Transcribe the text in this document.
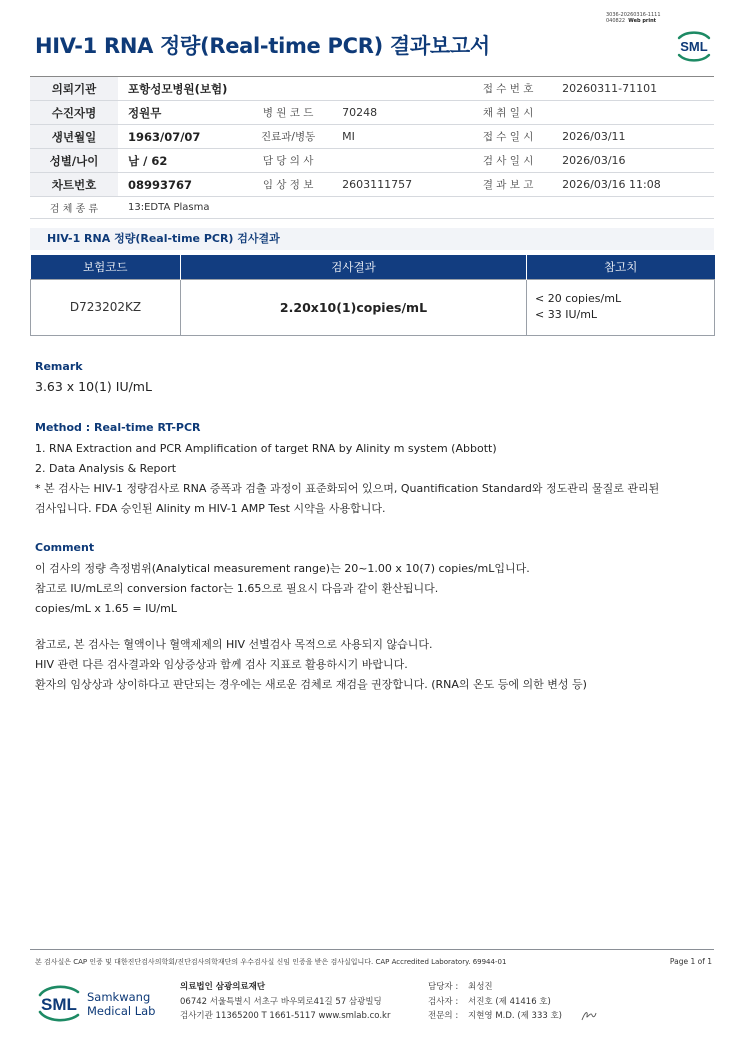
3036-20260316-1111
040822 Web print
HIV-1 RNA 정량(Real-time PCR) 결과보고서	SML
의뢰기관	포항성모병원(보험)			접 수 번 호	20260311-71101
수진자명	정원무	병 원 코 드	70248	채 취 일 시	
생년월일	1963/07/07	진료과/병동	MI	접 수 일 시	2026/03/11
성별/나이	남 / 62	담 당 의 사		검 사 일 시	2026/03/16
차트번호	08993767	임 상 정 보	2603111757	결 과 보 고	2026/03/16 11:08
검 체 종 류	13:EDTA Plasma				
HIV-1 RNA 정량(Real-time PCR) 검사결과
보험코드	검사결과	참고치
D723202KZ	2.20x10(1)copies/mL	< 20 copies/mL
< 33 IU/mL
Remark
3.63 x 10(1) IU/mL
Method : Real-time RT-PCR
1. RNA Extraction and PCR Amplification of target RNA by Alinity m system (Abbott)
2. Data Analysis & Report
* 본 검사는 HIV-1 정량검사로 RNA 증폭과 검출 과정이 표준화되어 있으며, Quantification Standard와 정도관리 물질로 관리된
검사입니다. FDA 승인된 Alinity m HIV-1 AMP Test 시약을 사용합니다.
Comment
이 검사의 정량 측정범위(Analytical measurement range)는 20~1.00 x 10(7) copies/mL입니다.
참고로 IU/mL로의 conversion factor는 1.65으로 필요시 다음과 같이 환산됩니다.
copies/mL x 1.65 = IU/mL
참고로, 본 검사는 혈액이나 혈액제제의 HIV 선별검사 목적으로 사용되지 않습니다.
HIV 관련 다른 검사결과와 임상증상과 함께 검사 지표로 활용하시기 바랍니다.
환자의 임상상과 상이하다고 판단되는 경우에는 새로운 검체로 재검을 권장합니다. (RNA의 온도 등에 의한 변성 등)
본 검사실은 CAP 인증 및 대한진단검사의학회/진단검사의학재단의 우수검사실 신임 인증을 받은 검사실입니다. CAP Accredited Laboratory. 69944-01	Page 1 of 1
SML Samkwang
Medical Lab
의료법인 삼광의료재단
06742 서울특별시 서초구 바우뫼로41길 57 삼광빌딩
검사기관 11365200 T 1661-5117 www.smlab.co.kr
담당자 : 최성진
검사자 : 서진호 (제 41416 호)
전문의 : 지현영 M.D. (제 333 호)
